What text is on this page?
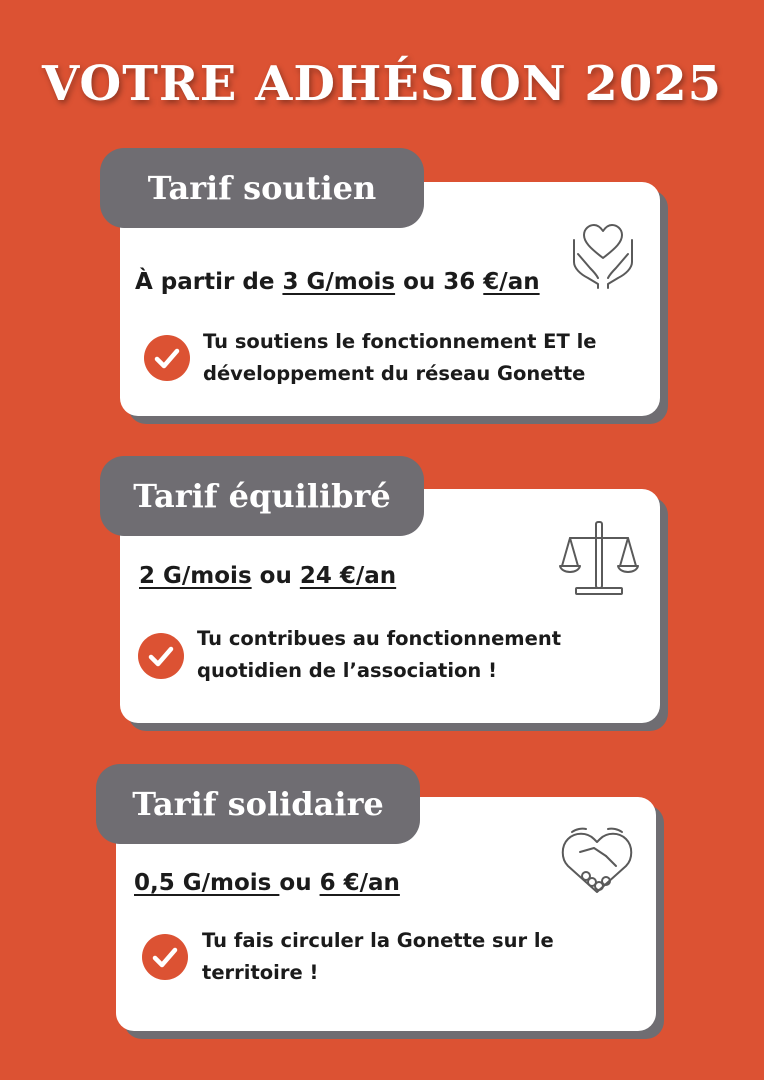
VOTRE ADHÉSION 2025
Tarif soutien
À partir de 3 G/mois ou 36 €/an
Tu soutiens le fonctionnement ET le
développement du réseau Gonette
Tarif équilibré
2 G/mois ou 24 €/an
Tu contribues au fonctionnement
quotidien de l’association !
Tarif solidaire
0,5 G/mois ou 6 €/an
Tu fais circuler la Gonette sur le
territoire !
